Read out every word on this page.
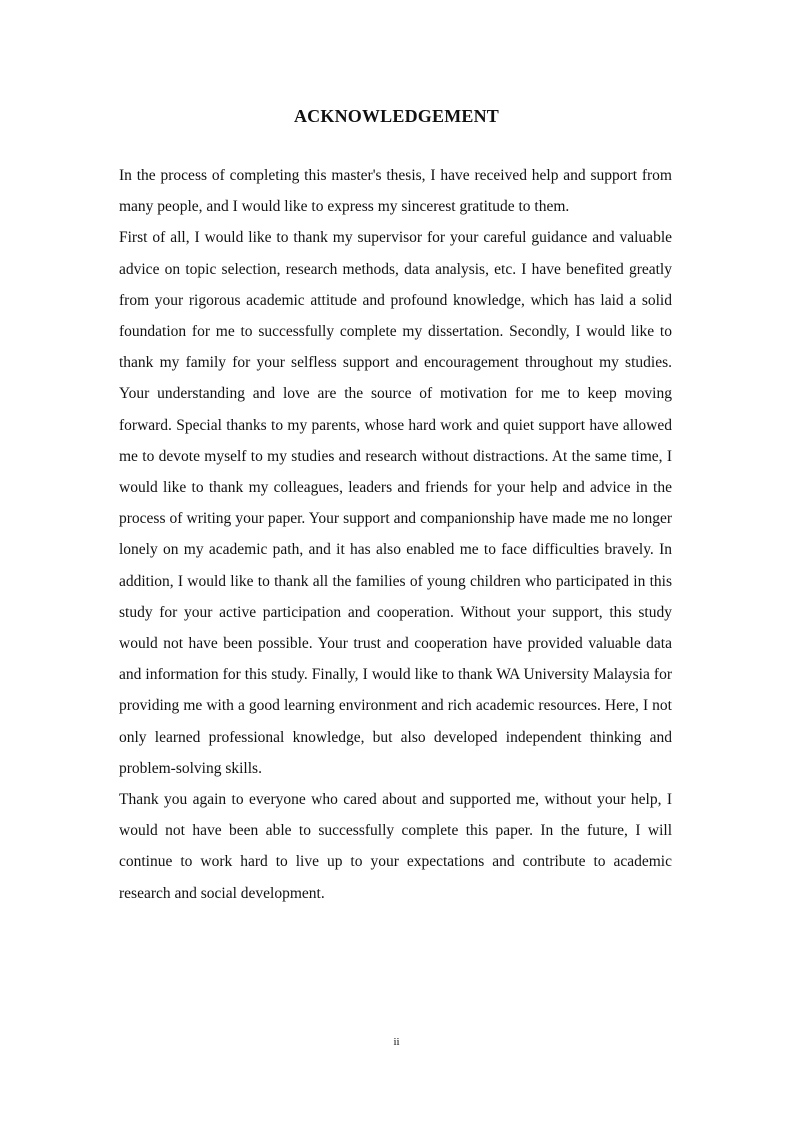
ACKNOWLEDGEMENT

In the process of completing this master's thesis, I have received help and support from many people, and I would like to express my sincerest gratitude to them.

First of all, I would like to thank my supervisor for your careful guidance and valuable advice on topic selection, research methods, data analysis, etc. I have benefited greatly from your rigorous academic attitude and profound knowledge, which has laid a solid foundation for me to successfully complete my dissertation. Secondly, I would like to thank my family for your selfless support and encouragement throughout my studies. Your understanding and love are the source of motivation for me to keep moving forward. Special thanks to my parents, whose hard work and quiet support have allowed me to devote myself to my studies and research without distractions. At the same time, I would like to thank my colleagues, leaders and friends for your help and advice in the process of writing your paper. Your support and companionship have made me no longer lonely on my academic path, and it has also enabled me to face difficulties bravely. In addition, I would like to thank all the families of young children who participated in this study for your active participation and cooperation. Without your support, this study would not have been possible. Your trust and cooperation have provided valuable data and information for this study. Finally, I would like to thank WA University Malaysia for providing me with a good learning environment and rich academic resources. Here, I not only learned professional knowledge, but also developed independent thinking and problem-solving skills.

Thank you again to everyone who cared about and supported me, without your help, I would not have been able to successfully complete this paper. In the future, I will continue to work hard to live up to your expectations and contribute to academic research and social development.

ii
